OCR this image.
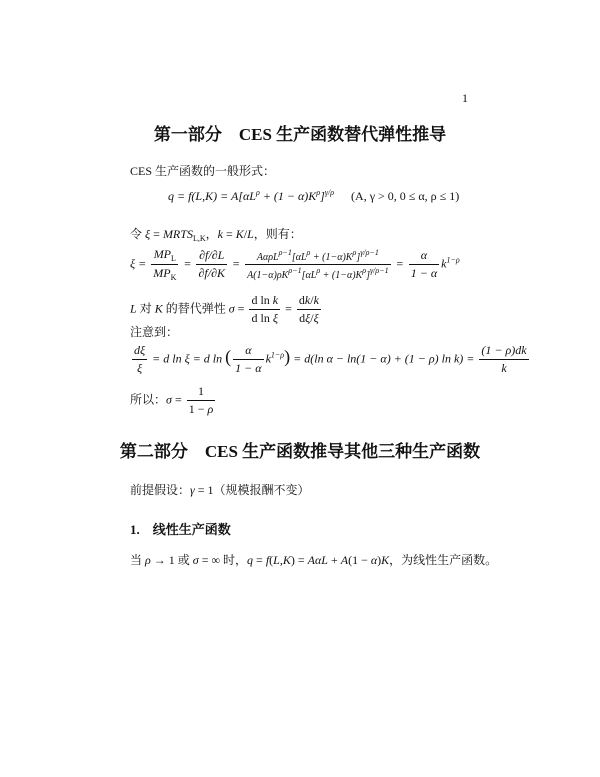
1
第一部分　CES 生产函数替代弹性推导
CES 生产函数的一般形式：
$q = f(L,K) = A[\alpha L^\rho + (1 - \alpha)K^\rho]^{\gamma/\rho}$ (A, γ > 0, 0 ≤ α, ρ ≤ 1)
令 $\xi = MRTS_{L,K}$，k = K/L，则有：
$\xi = \frac{MP_L}{MP_K} = \frac{\partial f/\partial L}{\partial f/\partial K} = \frac{A\alpha\rho L^{\rho-1}[\alpha L^\rho + (1-\alpha)K^\rho]^{\gamma/\rho-1}}{A(1-\alpha)\rho K^{\rho-1}[\alpha L^\rho + (1-\alpha)K^\rho]^{\gamma/\rho-1}} = \frac{\alpha}{1 - \alpha} k^{1-\rho}$
L 对 K 的替代弹性 $\sigma = \frac{\text{d ln k}}{\text{d ln ξ}} = \frac{dk/k}{d\xi/\xi}$
注意到：
$\frac{d\xi}{\xi} = d$ ln ξ = d ln ( $\frac{\alpha}{1 - \alpha} k^{1-\rho}) = d(\ln$ α − ln(1 − α) + (1 − ρ) $\ln k) = \frac{(1 - \rho)dk}{k}$
所以：$\sigma = \frac{1}{1 - \rho}$
第二部分　CES 生产函数推导其他三种生产函数
前提假设：γ = 1（规模报酬不变）
1.　线性生产函数
当 ρ → 1 或 σ = ∞ 时，q = f(L,K) = AαL + A(1 − α)K，为线性生产函数。
